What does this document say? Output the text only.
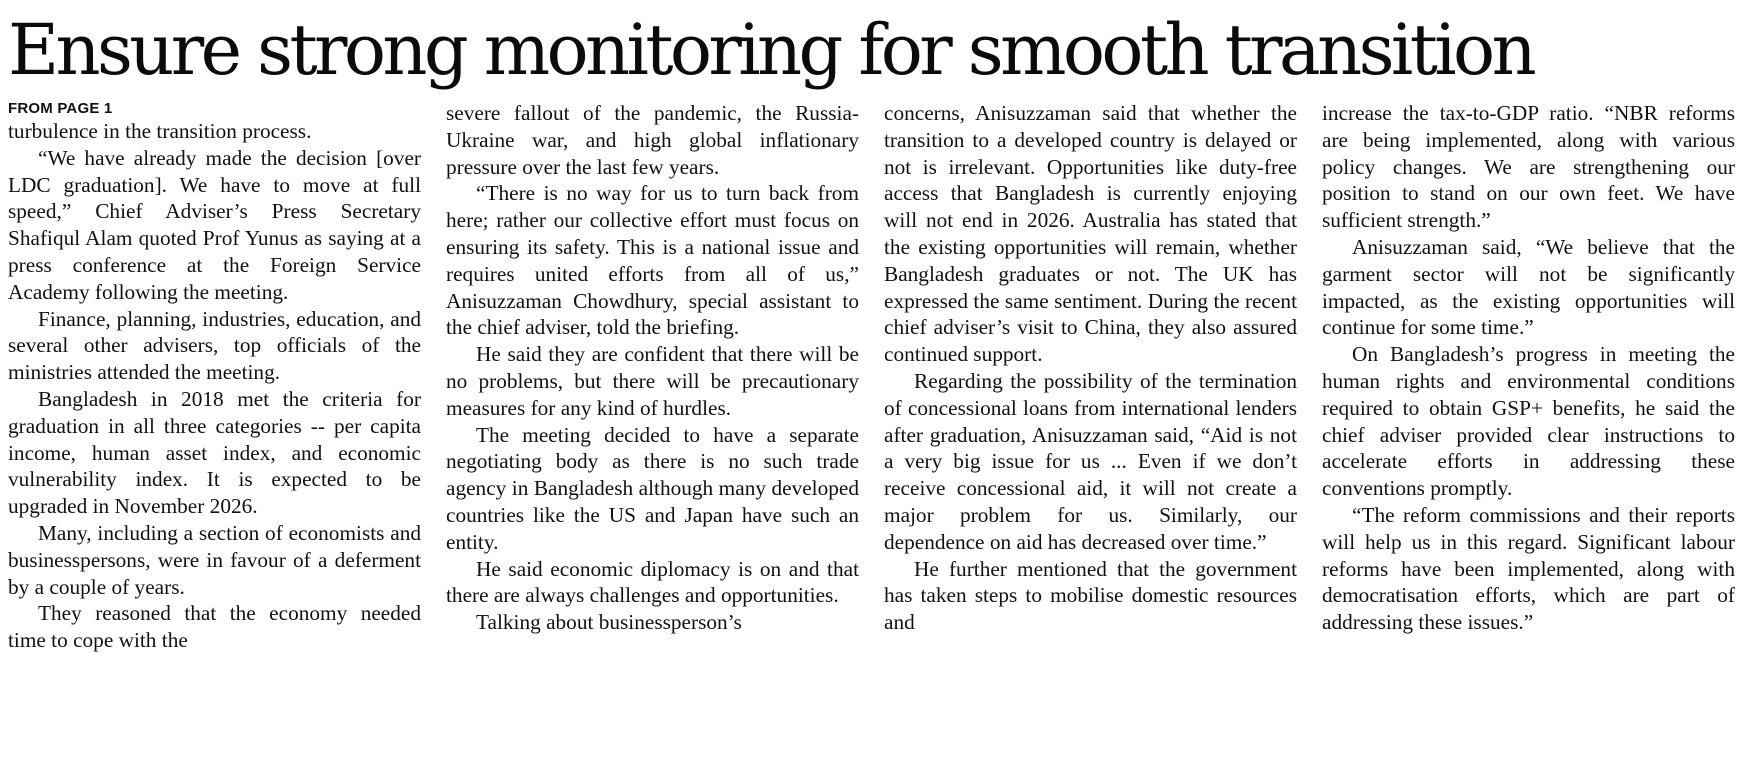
Ensure strong monitoring for smooth transition
FROM PAGE 1

turbulence in the transition process.

“We have already made the decision [over LDC graduation]. We have to move at full speed,” Chief Adviser’s Press Secretary Shafiqul Alam quoted Prof Yunus as saying at a press conference at the Foreign Service Academy following the meeting.

Finance, planning, industries, education, and several other advisers, top officials of the ministries attended the meeting.

Bangladesh in 2018 met the criteria for graduation in all three categories -- per capita income, human asset index, and economic vulnerability index. It is expected to be upgraded in November 2026.

Many, including a section of economists and businesspersons, were in favour of a deferment by a couple of years.

They reasoned that the economy needed time to cope with the

severe fallout of the pandemic, the Russia-Ukraine war, and high global inflationary pressure over the last few years.

“There is no way for us to turn back from here; rather our collective effort must focus on ensuring its safety. This is a national issue and requires united efforts from all of us,” Anisuzzaman Chowdhury, special assistant to the chief adviser, told the briefing.

He said they are confident that there will be no problems, but there will be precautionary measures for any kind of hurdles.

The meeting decided to have a separate negotiating body as there is no such trade agency in Bangladesh although many developed countries like the US and Japan have such an entity.

He said economic diplomacy is on and that there are always challenges and opportunities.

Talking about businessperson’s

concerns, Anisuzzaman said that whether the transition to a developed country is delayed or not is irrelevant. Opportunities like duty-free access that Bangladesh is currently enjoying will not end in 2026. Australia has stated that the existing opportunities will remain, whether Bangladesh graduates or not. The UK has expressed the same sentiment. During the recent chief adviser’s visit to China, they also assured continued support.

Regarding the possibility of the termination of concessional loans from international lenders after graduation, Anisuzzaman said, “Aid is not a very big issue for us ... Even if we don’t receive concessional aid, it will not create a major problem for us. Similarly, our dependence on aid has decreased over time.”

He further mentioned that the government has taken steps to mobilise domestic resources and

increase the tax-to-GDP ratio. “NBR reforms are being implemented, along with various policy changes. We are strengthening our position to stand on our own feet. We have sufficient strength.”

Anisuzzaman said, “We believe that the garment sector will not be significantly impacted, as the existing opportunities will continue for some time.”

On Bangladesh’s progress in meeting the human rights and environmental conditions required to obtain GSP+ benefits, he said the chief adviser provided clear instructions to accelerate efforts in addressing these conventions promptly.

“The reform commissions and their reports will help us in this regard. Significant labour reforms have been implemented, along with democratisation efforts, which are part of addressing these issues.”
